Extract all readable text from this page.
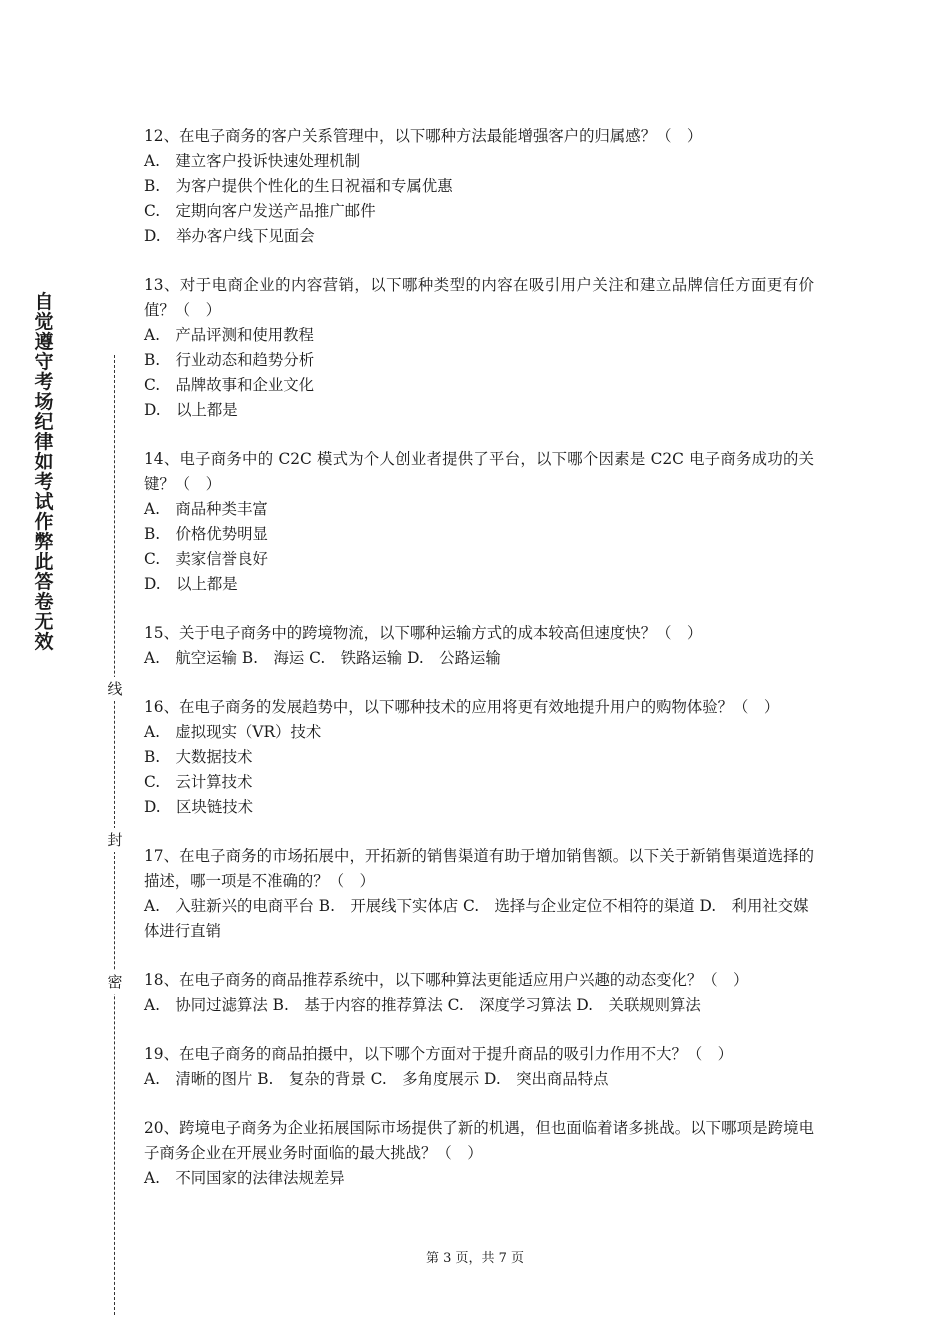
自觉遵守考场纪律如考试作弊此答卷无效
线
封
密

12、在电子商务的客户关系管理中，以下哪种方法最能增强客户的归属感？（　）

A.　建立客户投诉快速处理机制

B.　为客户提供个性化的生日祝福和专属优惠

C.　定期向客户发送产品推广邮件

D.　举办客户线下见面会

13、对于电商企业的内容营销，以下哪种类型的内容在吸引用户关注和建立品牌信任方面更有价值？（　）

A.　产品评测和使用教程

B.　行业动态和趋势分析

C.　品牌故事和企业文化

D.　以上都是

14、电子商务中的 C2C 模式为个人创业者提供了平台，以下哪个因素是 C2C 电子商务成功的关键？（　）

A.　商品种类丰富

B.　价格优势明显

C.　卖家信誉良好

D.　以上都是

15、关于电子商务中的跨境物流，以下哪种运输方式的成本较高但速度快？（　）

A.　航空运输 B.　海运 C.　铁路运输 D.　公路运输

16、在电子商务的发展趋势中，以下哪种技术的应用将更有效地提升用户的购物体验？（　）

A.　虚拟现实（VR）技术

B.　大数据技术

C.　云计算技术

D.　区块链技术

17、在电子商务的市场拓展中，开拓新的销售渠道有助于增加销售额。以下关于新销售渠道选择的描述，哪一项是不准确的？（　）

A.　入驻新兴的电商平台 B.　开展线下实体店 C.　选择与企业定位不相符的渠道 D.　利用社交媒体进行直销

18、在电子商务的商品推荐系统中，以下哪种算法更能适应用户兴趣的动态变化？（　）

A.　协同过滤算法 B.　基于内容的推荐算法 C.　深度学习算法 D.　关联规则算法

19、在电子商务的商品拍摄中，以下哪个方面对于提升商品的吸引力作用不大？（　）

A.　清晰的图片 B.　复杂的背景 C.　多角度展示 D.　突出商品特点

20、跨境电子商务为企业拓展国际市场提供了新的机遇，但也面临着诸多挑战。以下哪项是跨境电子商务企业在开展业务时面临的最大挑战？（　）

A.　不同国家的法律法规差异

第 3 页，共 7 页
